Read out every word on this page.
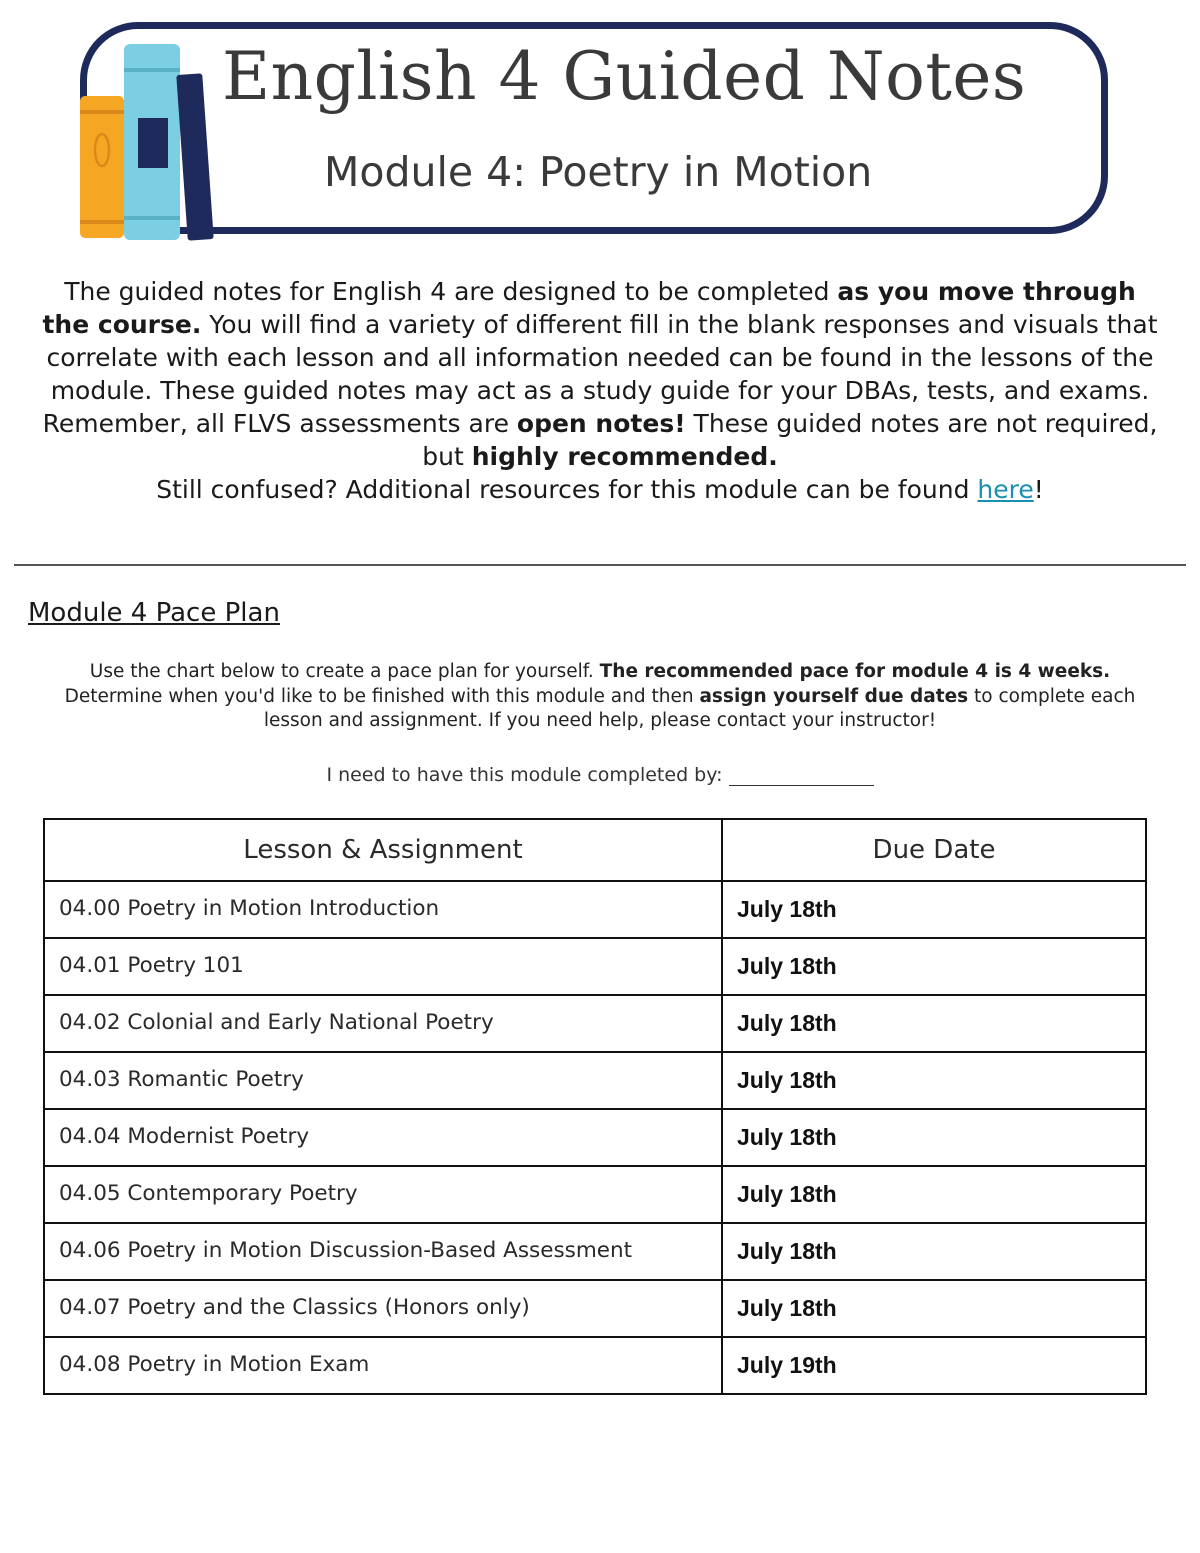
English 4 Guided Notes
Module 4: Poetry in Motion
The guided notes for English 4 are designed to be completed as you move through the course. You will find a variety of different fill in the blank responses and visuals that correlate with each lesson and all information needed can be found in the lessons of the module. These guided notes may act as a study guide for your DBAs, tests, and exams. Remember, all FLVS assessments are open notes! These guided notes are not required, but highly recommended.
Still confused? Additional resources for this module can be found here!
Module 4 Pace Plan
Use the chart below to create a pace plan for yourself. The recommended pace for module 4 is 4 weeks. Determine when you'd like to be finished with this module and then assign yourself due dates to complete each lesson and assignment. If you need help, please contact your instructor!
I need to have this module completed by:
Lesson & Assignment	Due Date
04.00 Poetry in Motion Introduction	July 18th
04.01 Poetry 101	July 18th
04.02 Colonial and Early National Poetry	July 18th
04.03 Romantic Poetry	July 18th
04.04 Modernist Poetry	July 18th
04.05 Contemporary Poetry	July 18th
04.06 Poetry in Motion Discussion-Based Assessment	July 18th
04.07 Poetry and the Classics (Honors only)	July 18th
04.08 Poetry in Motion Exam	July 19th
